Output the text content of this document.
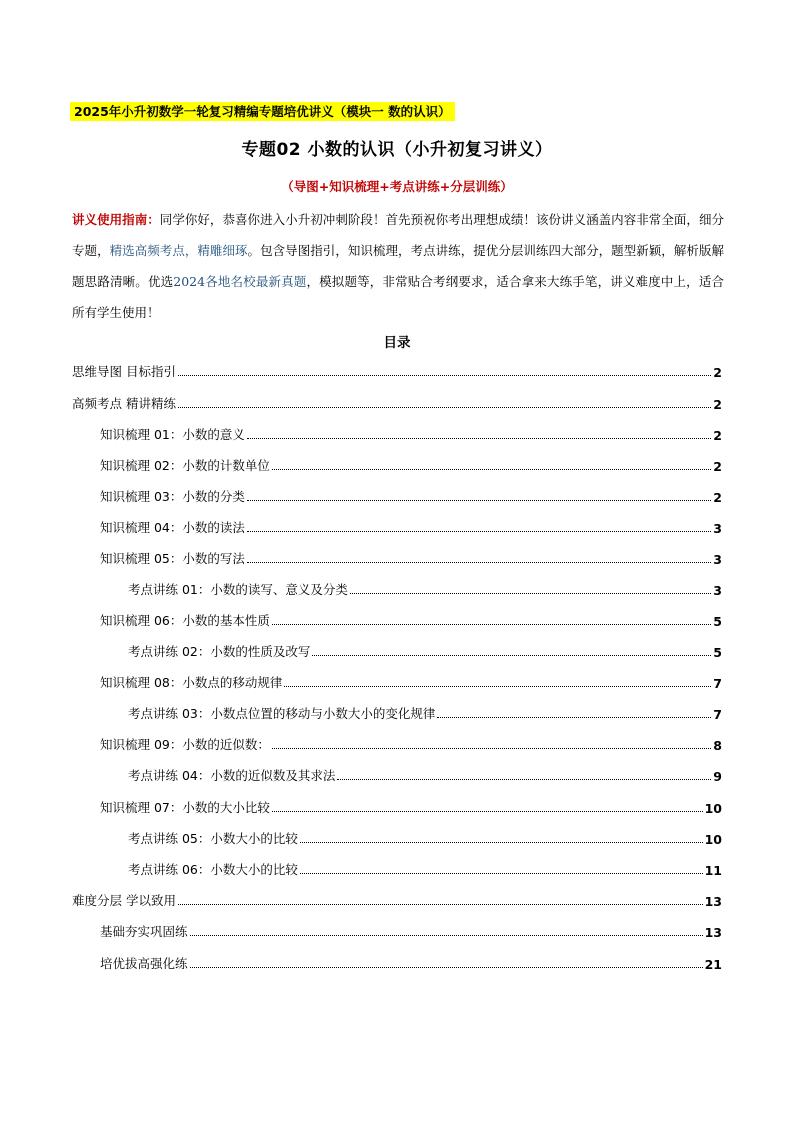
2025年小升初数学一轮复习精编专题培优讲义（模块一 数的认识）
专题02 小数的认识（小升初复习讲义）
（导图+知识梳理+考点讲练+分层训练）
讲义使用指南：同学你好，恭喜你进入小升初冲刺阶段！首先预祝你考出理想成绩！该份讲义涵盖内容非常全面，细分专题，精选高频考点，精雕细琢。包含导图指引，知识梳理，考点讲练，提优分层训练四大部分，题型新颖，解析版解题思路清晰。优选2024各地名校最新真题，模拟题等，非常贴合考纲要求，适合拿来大练手笔，讲义难度中上，适合所有学生使用！
目录
思维导图 目标指引	2
高频考点 精讲精练	2
知识梳理 01：小数的意义	2
知识梳理 02：小数的计数单位	2
知识梳理 03：小数的分类	2
知识梳理 04：小数的读法	3
知识梳理 05：小数的写法	3
考点讲练 01：小数的读写、意义及分类	3
知识梳理 06：小数的基本性质	5
考点讲练 02：小数的性质及改写	5
知识梳理 08：小数点的移动规律	7
考点讲练 03：小数点位置的移动与小数大小的变化规律	7
知识梳理 09：小数的近似数：	8
考点讲练 04：小数的近似数及其求法	9
知识梳理 07：小数的大小比较	10
考点讲练 05：小数大小的比较	10
考点讲练 06：小数大小的比较	11
难度分层 学以致用	13
基础夯实巩固练	13
培优拔高强化练	21
